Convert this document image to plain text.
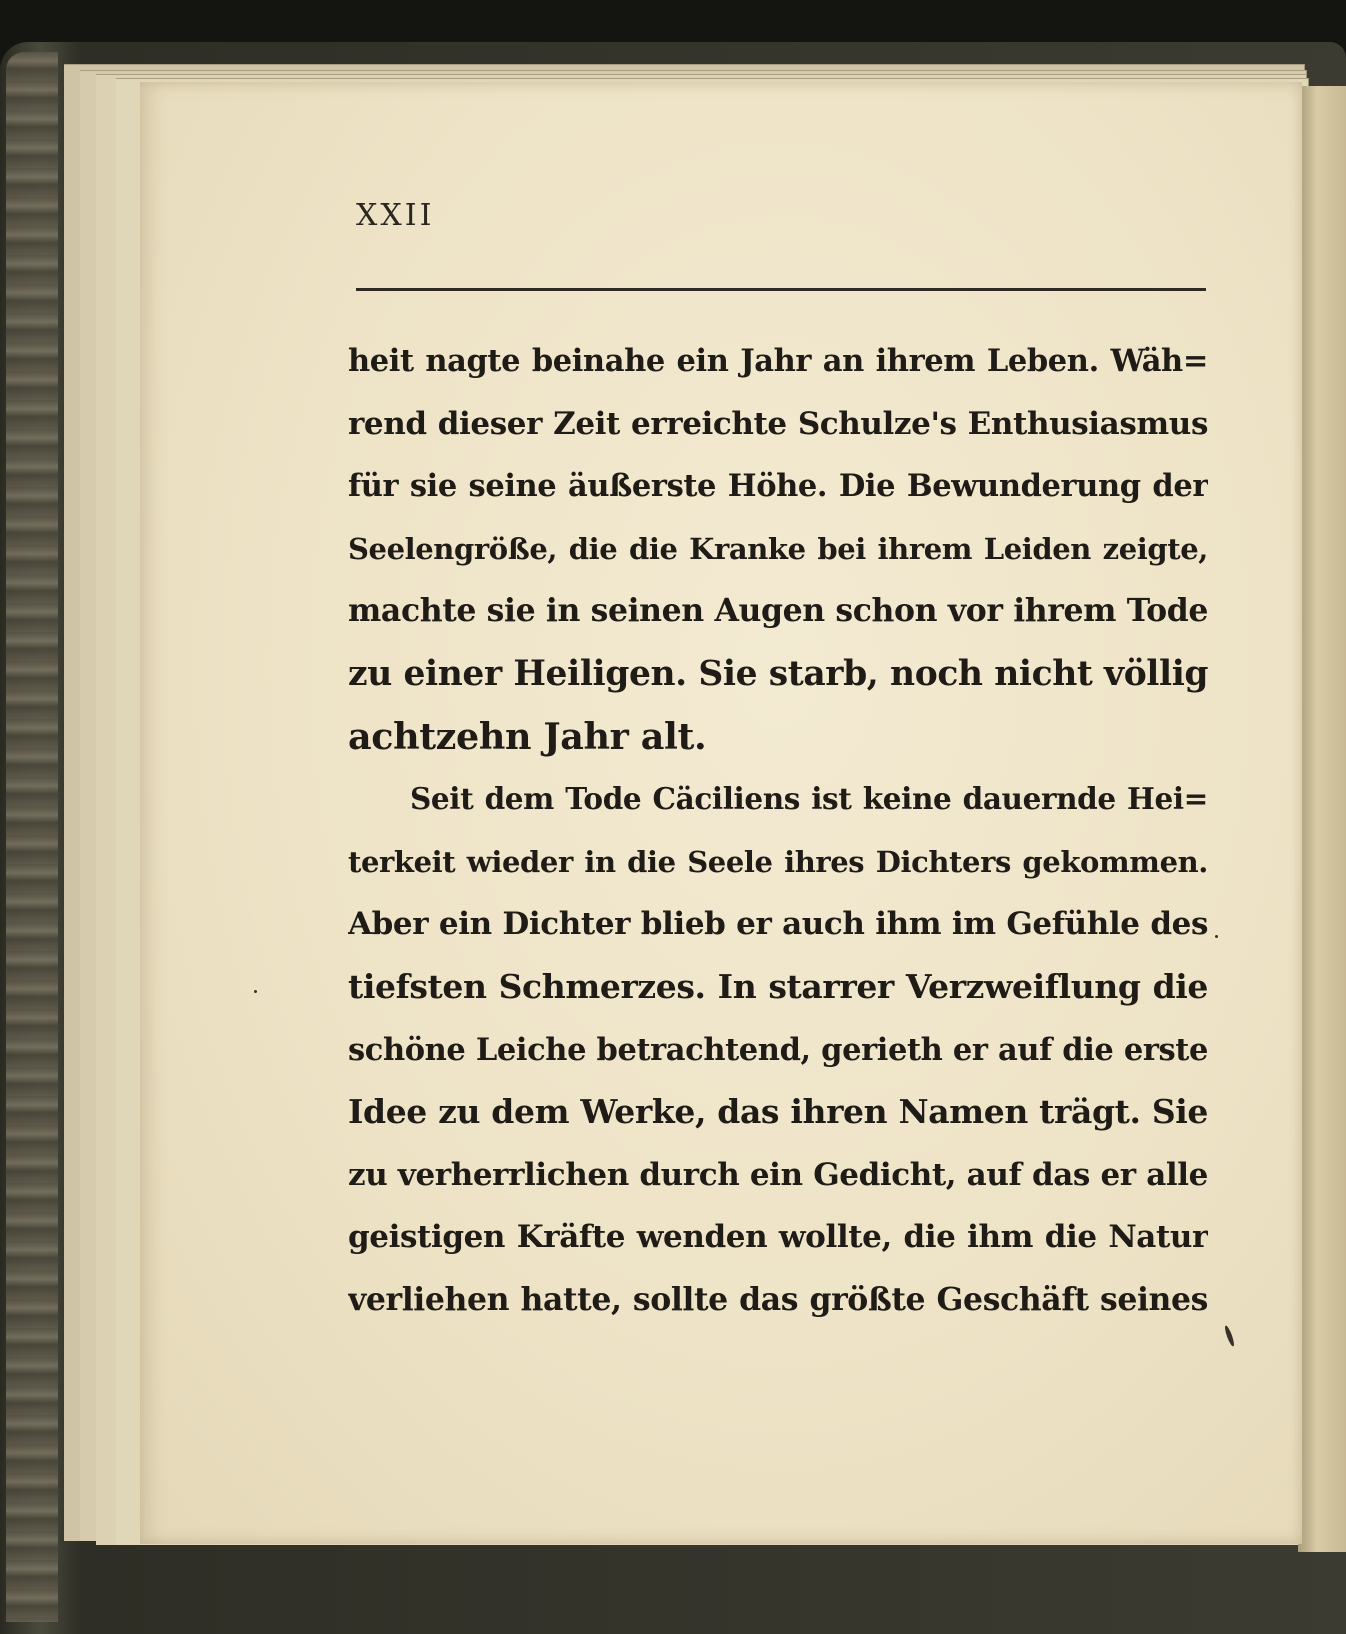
XXII
heit nagte beinahe ein Jahr an ihrem Leben. Wäh=
rend dieser Zeit erreichte Schulze's Enthusiasmus
für sie seine äußerste Höhe. Die Bewunderung der
Seelengröße, die die Kranke bei ihrem Leiden zeigte,
machte sie in seinen Augen schon vor ihrem Tode
zu einer Heiligen. Sie starb, noch nicht völlig
achtzehn Jahr alt.
Seit dem Tode Cäciliens ist keine dauernde Hei=
terkeit wieder in die Seele ihres Dichters gekommen.
Aber ein Dichter blieb er auch ihm im Gefühle des
tiefsten Schmerzes. In starrer Verzweiflung die
schöne Leiche betrachtend, gerieth er auf die erste
Idee zu dem Werke, das ihren Namen trägt. Sie
zu verherrlichen durch ein Gedicht, auf das er alle
geistigen Kräfte wenden wollte, die ihm die Natur
verliehen hatte, sollte das größte Geschäft seines
